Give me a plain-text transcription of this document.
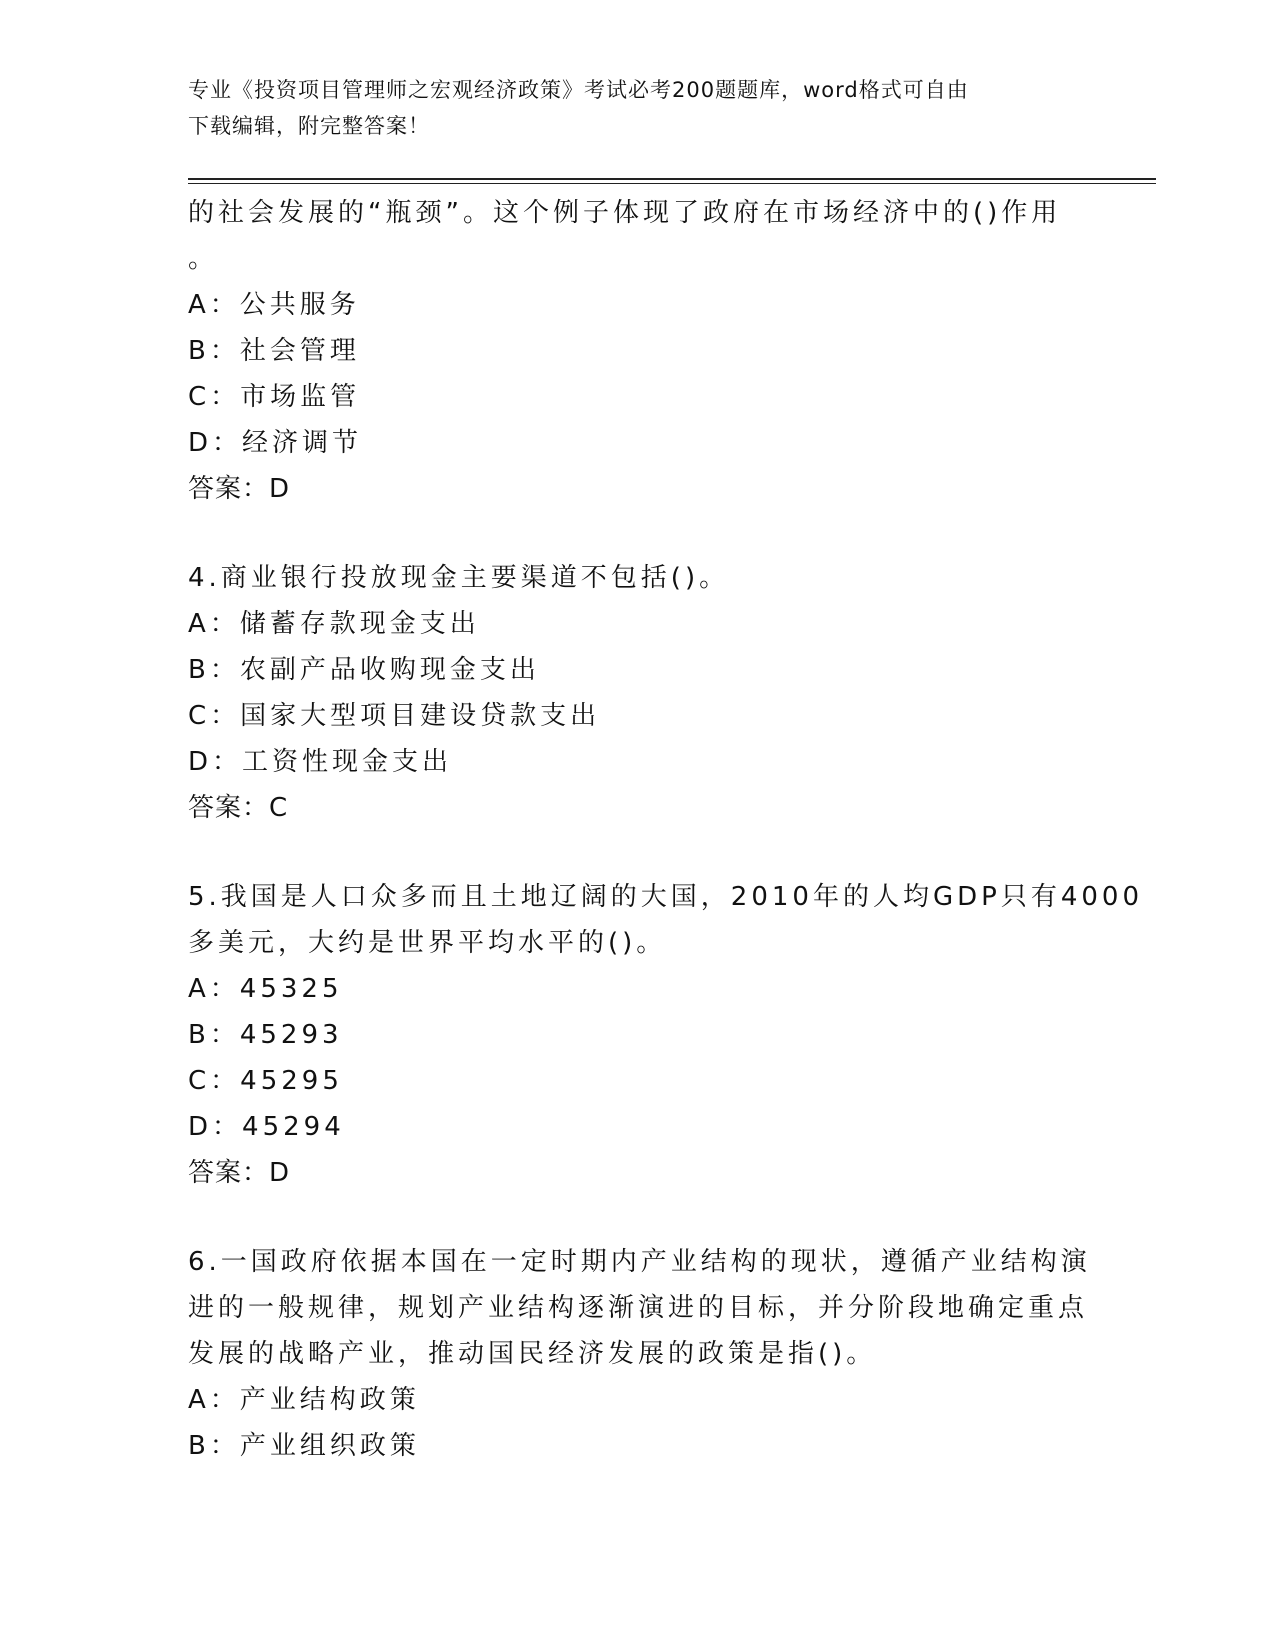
专业《投资项目管理师之宏观经济政策》考试必考200题题库，word格式可自由
下载编辑，附完整答案！
的社会发展的“瓶颈”。这个例子体现了政府在市场经济中的()作用
。
A：公共服务
B：社会管理
C：市场监管
D：经济调节
答案：D
4.商业银行投放现金主要渠道不包括()。
A：储蓄存款现金支出
B：农副产品收购现金支出
C：国家大型项目建设贷款支出
D：工资性现金支出
答案：C
5.我国是人口众多而且土地辽阔的大国，2010年的人均GDP只有4000
多美元，大约是世界平均水平的()。
A：45325
B：45293
C：45295
D：45294
答案：D
6.一国政府依据本国在一定时期内产业结构的现状，遵循产业结构演
进的一般规律，规划产业结构逐渐演进的目标，并分阶段地确定重点
发展的战略产业，推动国民经济发展的政策是指()。
A：产业结构政策
B：产业组织政策
